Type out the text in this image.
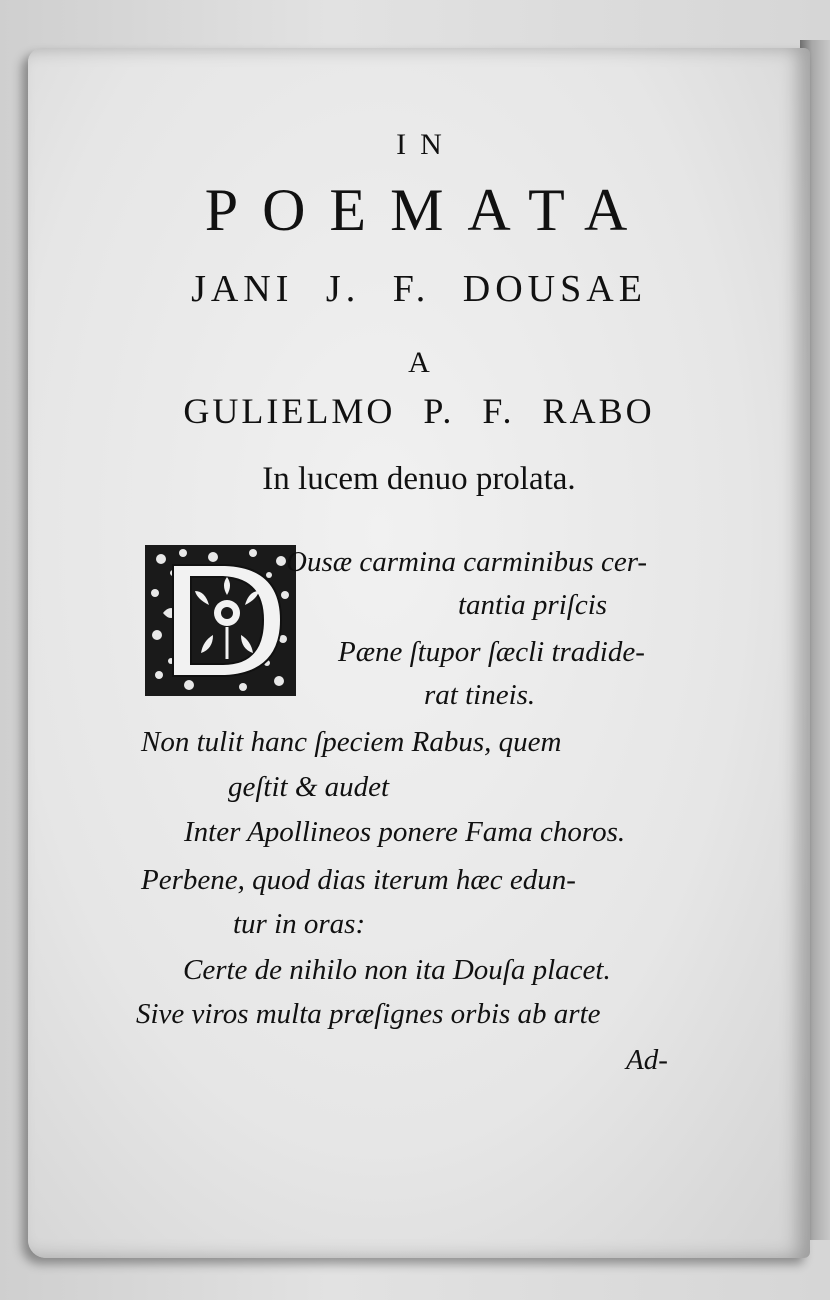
IN
POEMATA
JANI J. F. DOUSAE
A
GULIELMO P. F. RABO
In lucem denuo prolata.
Ousæ carmina carminibus cer-
tantia priſcis
Pæne ſtupor ſæcli tradide-
rat tineis.
Non tulit hanc ſpeciem Rabus, quem
geſtit & audet
Inter Apollineos ponere Fama choros.
Perbene, quod dias iterum hæc edun-
tur in oras:
Certe de nihilo non ita Douſa placet.
Sive viros multa præſignes orbis ab arte
Ad-
